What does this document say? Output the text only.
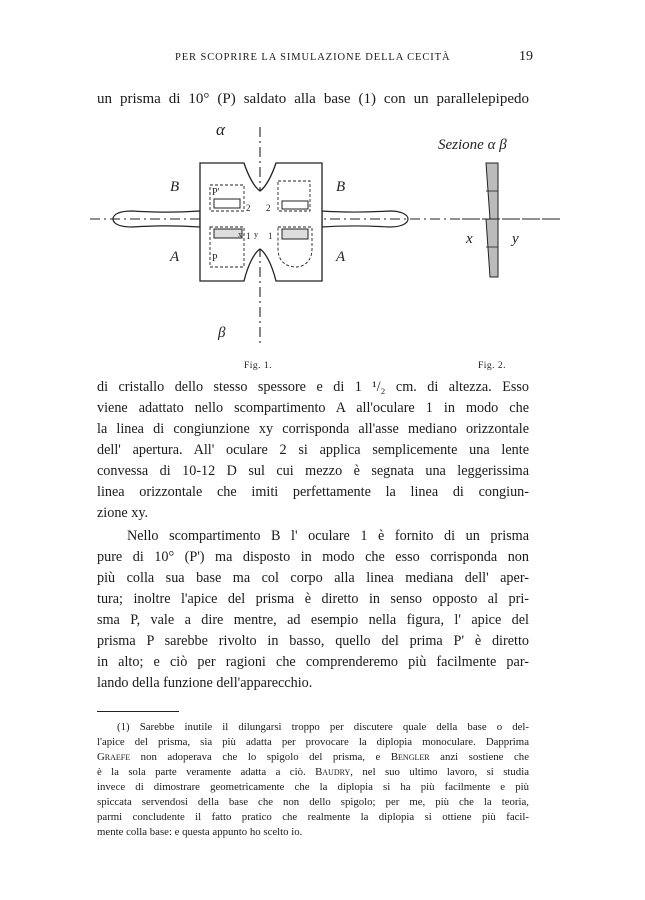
PER SCOPRIRE LA SIMULAZIONE DELLA CECITÀ	19
un prisma di 10° (P) saldato alla base (1) con un parallelepipedo
α
β
B	B
A	A
P'
P
2 2
1 1
x y
Sezione α β
x	y
Fig. 1.	Fig. 2.
di cristallo dello stesso spessore e di 1 ¹/₂ cm. di altezza. Esso
viene adattato nello scompartimento A all'oculare 1 in modo che
la linea di congiunzione xy corrisponda all'asse mediano orizzontale
dell' apertura. All' oculare 2 si applica semplicemente una lente
convessa di 10-12 D sul cui mezzo è segnata una leggerissima
linea orizzontale che imiti perfettamente la linea di congiun-
zione xy.
Nello scompartimento B l' oculare 1 è fornito di un prisma
pure di 10° (P') ma disposto in modo che esso corrisponda non
più colla sua base ma col corpo alla linea mediana dell' aper-
tura; inoltre l'apice del prisma è diretto in senso opposto al pri-
sma P, vale a dire mentre, ad esempio nella figura, l' apice del
prisma P sarebbe rivolto in basso, quello del prima P' è diretto
in alto; e ciò per ragioni che comprenderemo più facilmente par-
lando della funzione dell'apparecchio.
(1) Sarebbe inutile il dilungarsi troppo per discutere quale della base o del-
l'apice del prisma, sia più adatta per provocare la diplopia monoculare. Dapprima
Graefe non adoperava che lo spigolo del prisma, e Bengler anzi sostiene che
è la sola parte veramente adatta a ciò. Baudry, nel suo ultimo lavoro, si studia
invece di dimostrare geometricamente che la diplopia si ha più facilmente e più
spiccata servendosi della base che non dello spigolo; per me, più che la teoria,
parmi concludente il fatto pratico che realmente la diplopia si ottiene più facil-
mente colla base: e questa appunto ho scelto io.
